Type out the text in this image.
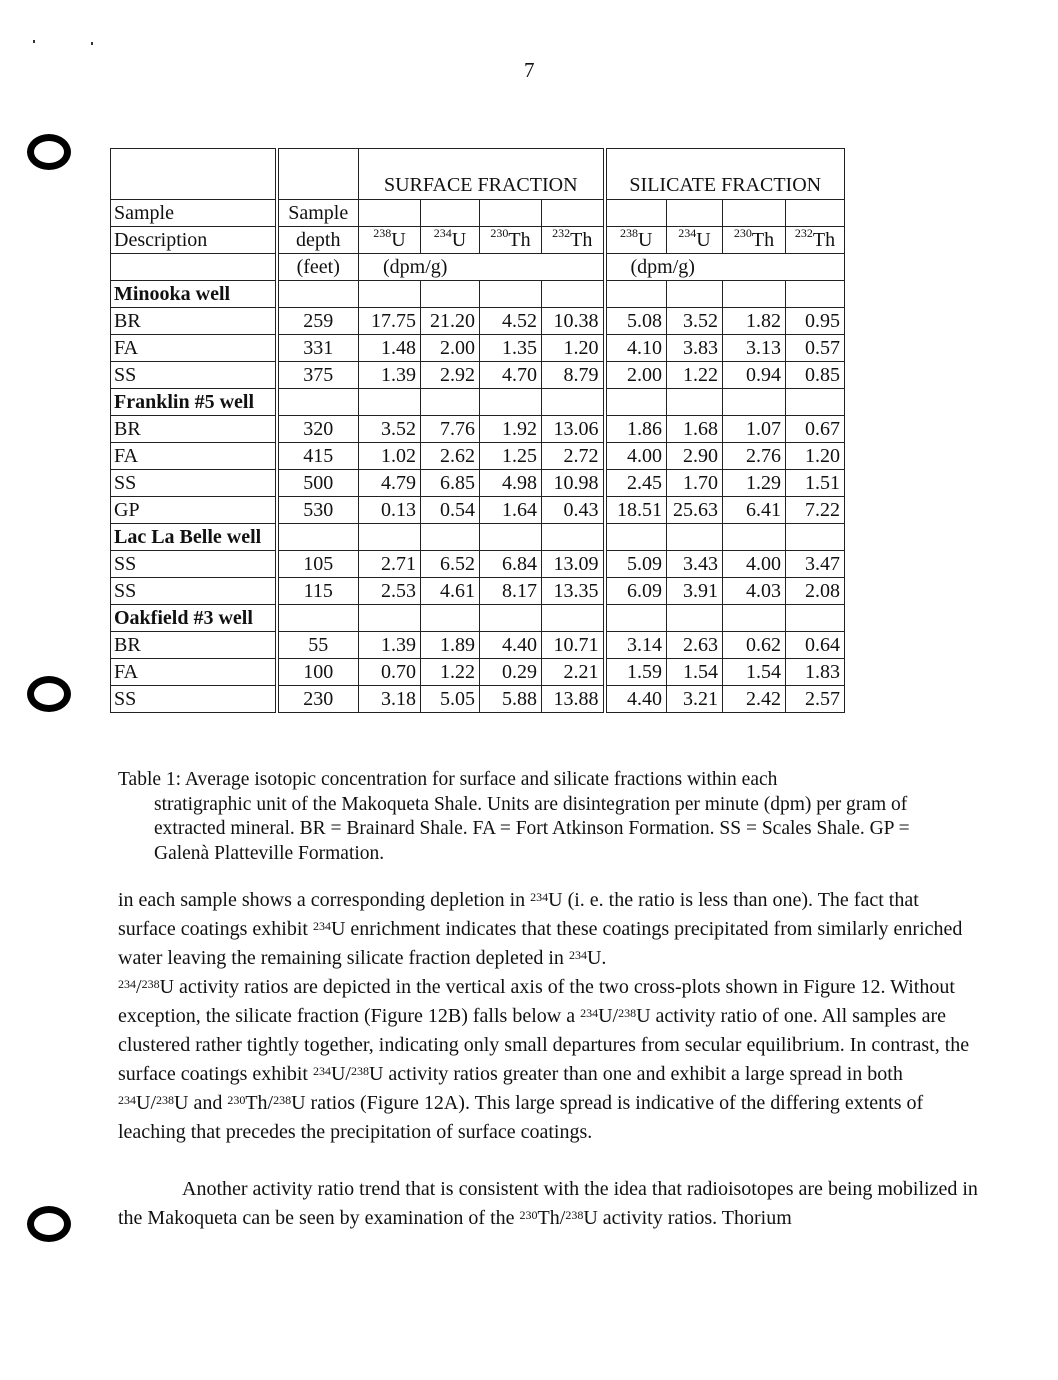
7
		SURFACE FRACTION				SILICATE FRACTION			
Sample	Sample								
Description	depth	$^{238}$U	$^{234}$U	$^{230}$Th	$^{232}$Th	$^{238}$U	$^{234}$U	$^{230}$Th	$^{232}$Th
	(feet)	(dpm/g)				(dpm/g)			
Minooka well									
BR	259	17.75	21.20	4.52	10.38	5.08	3.52	1.82	0.95
FA	331	1.48	2.00	1.35	1.20	4.10	3.83	3.13	0.57
SS	375	1.39	2.92	4.70	8.79	2.00	1.22	0.94	0.85
Franklin #5 well									
BR	320	3.52	7.76	1.92	13.06	1.86	1.68	1.07	0.67
FA	415	1.02	2.62	1.25	2.72	4.00	2.90	2.76	1.20
SS	500	4.79	6.85	4.98	10.98	2.45	1.70	1.29	1.51
GP	530	0.13	0.54	1.64	0.43	18.51	25.63	6.41	7.22
Lac La Belle well									
SS	105	2.71	6.52	6.84	13.09	5.09	3.43	4.00	3.47
SS	115	2.53	4.61	8.17	13.35	6.09	3.91	4.03	2.08
Oakfield #3 well									
BR	55	1.39	1.89	4.40	10.71	3.14	2.63	0.62	0.64
FA	100	0.70	1.22	0.29	2.21	1.59	1.54	1.54	1.83
SS	230	3.18	5.05	5.88	13.88	4.40	3.21	2.42	2.57

Table 1: Average isotopic concentration for surface and silicate fractions within each

stratigraphic unit of the Makoqueta Shale. Units are disintegration per minute (dpm) per gram of extracted mineral. BR = Brainard Shale. FA = Fort Atkinson Formation. SS = Scales Shale. GP = Galenà Platteville Formation.

in each sample shows a corresponding depletion in $^{234}$U (i. e. the ratio is less than one). The fact that surface coatings exhibit $^{234}$U enrichment indicates that these coatings precipitated from similarly enriched water leaving the remaining silicate fraction depleted in $^{234}$U.
$^{234}$/$^{238}$U activity ratios are depicted in the vertical axis of the two cross-plots shown in Figure 12. Without exception, the silicate fraction (Figure 12B) falls below a $^{234}$U/$^{238}$U activity ratio of one. All samples are clustered rather tightly together, indicating only small departures from secular equilibrium. In contrast, the surface coatings exhibit $^{234}$U/$^{238}$U activity ratios greater than one and exhibit a large spread in both $^{234}$U/$^{238}$U and $^{230}$Th/$^{238}$U ratios (Figure 12A). This large spread is indicative of the differing extents of leaching that precedes the precipitation of surface coatings.

Another activity ratio trend that is consistent with the idea that radioisotopes are being mobilized in the Makoqueta can be seen by examination of the $^{230}$Th/$^{238}$U activity ratios. Thorium
